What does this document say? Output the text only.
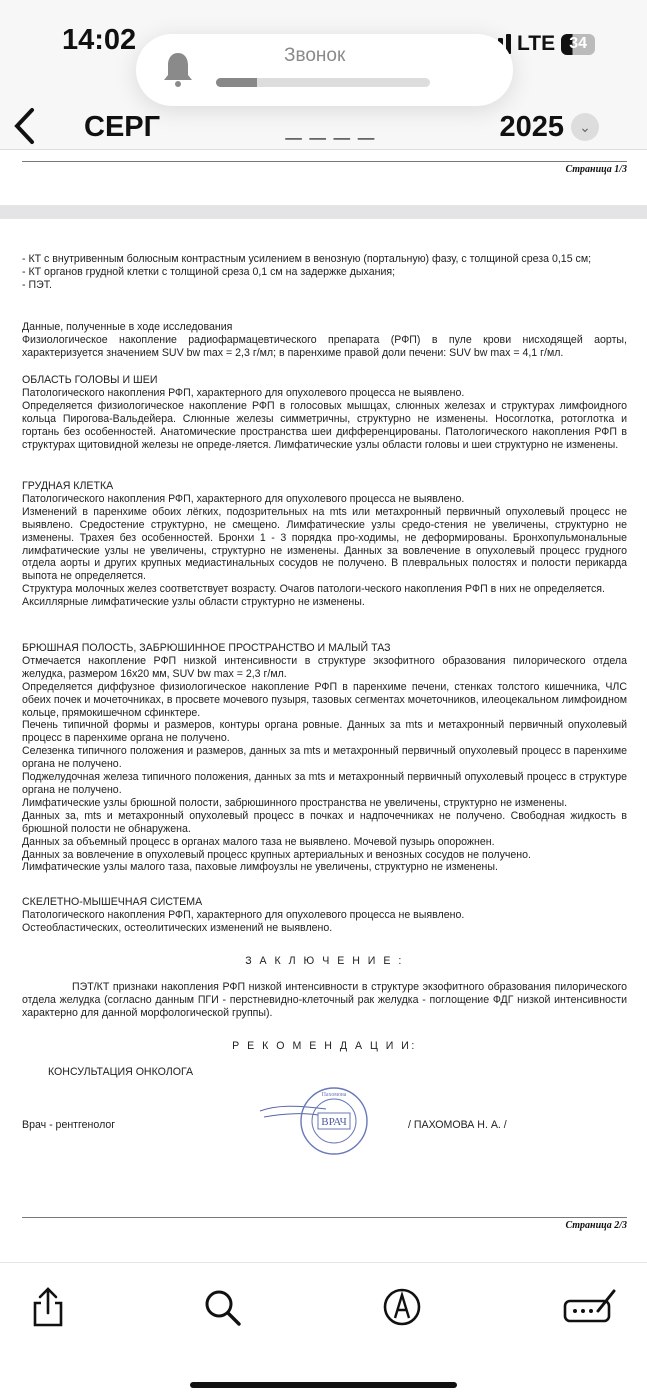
14:02	LTE 34
СЕРГ	_ _ _ _	2025 ⌄
Звонок
Страница 1/3

- КТ с внутривенным болюсным контрастным усилением в венозную (портальную) фазу, с толщиной среза 0,15 см;

- КТ органов грудной клетки с толщиной среза 0,1 см на задержке дыхания;

- ПЭТ.

Данные, полученные в ходе исследования

Физиологическое накопление радиофармацевтического препарата (РФП) в пуле крови нисходящей аорты, характеризуется значением SUV bw max = 2,3 г/мл; в паренхиме правой доли печени: SUV bw max = 4,1 г/мл.

ОБЛАСТЬ ГОЛОВЫ И ШЕИ

Патологического накопления РФП, характерного для опухолевого процесса не выявлено.

Определяется физиологическое накопление РФП в голосовых мышцах, слюнных железах и структурах лимфоидного кольца Пирогова-Вальдейера. Слюнные железы симметричны, структурно не изменены. Носоглотка, ротоглотка и гортань без особенностей. Анатомические пространства шеи дифференцированы. Патологического накопления РФП в структурах щитовидной железы не опреде-ляется. Лимфатические узлы области головы и шеи структурно не изменены.

ГРУДНАЯ КЛЕТКА

Патологического накопления РФП, характерного для опухолевого процесса не выявлено.

Изменений в паренхиме обоих лёгких, подозрительных на mts или метахронный первичный опухолевый процесс не выявлено. Средостение структурно, не смещено. Лимфатические узлы средо-стения не увеличены, структурно не изменены. Трахея без особенностей. Бронхи 1 - 3 порядка про-ходимы, не деформированы. Бронхопульмональные лимфатические узлы не увеличены, структурно не изменены. Данных за вовлечение в опухолевый процесс грудного отдела аорты и других крупных медиастинальных сосудов не получено. В плевральных полостях и полости перикарда выпота не определяется.

Структура молочных желез соответствует возрасту. Очагов патологи-ческого накопления РФП в них не определяется.

Аксиллярные лимфатические узлы области структурно не изменены.

БРЮШНАЯ ПОЛОСТЬ, ЗАБРЮШИННОЕ ПРОСТРАНСТВО И МАЛЫЙ ТАЗ

Отмечается накопление РФП низкой интенсивности в структуре экзофитного образования пилорического отдела желудка, размером 16х20 мм, SUV bw max = 2,3 г/мл.

Определяется диффузное физиологическое накопление РФП в паренхиме печени, стенках толстого кишечника, ЧЛС обеих почек и мочеточниках, в просвете мочевого пузыря, тазовых сегментах мочеточников, илеоцекальном лимфоидном кольце, прямокишечном сфинктере.

Печень типичной формы и размеров, контуры органа ровные. Данных за mts и метахронный первичный опухолевый процесс в паренхиме органа не получено.

Селезенка типичного положения и размеров, данных за mts и метахронный первичный опухолевый процесс в паренхиме органа не получено.

Поджелудочная железа типичного положения, данных за mts и метахронный первичный опухолевый процесс в структуре органа не получено.

Лимфатические узлы брюшной полости, забрюшинного пространства не увеличены, структурно не изменены.

Данных за, mts и метахронный опухолевый процесс в почках и надпочечниках не получено. Свободная жидкость в брюшной полости не обнаружена.

Данных за объемный процесс в органах малого таза не выявлено. Мочевой пузырь опорожнен.

Данных за вовлечение в опухолевый процесс крупных артериальных и венозных сосудов не получено.

Лимфатические узлы малого таза, паховые лимфоузлы не увеличены, структурно не изменены.

СКЕЛЕТНО-МЫШЕЧНАЯ СИСТЕМА

Патологического накопления РФП, характерного для опухолевого процесса не выявлено.

Остеобластических, остеолитических изменений не выявлено.

З А К Л Ю Ч Е Н И Е :
ПЭТ/КТ признаки накопления РФП низкой интенсивности в структуре экзофитного образования пилорического отдела желудка (согласно данным ПГИ - перстневидно-клеточный рак желудка - поглощение ФДГ низкой интенсивности характерно для данной морфологической группы).
Р Е К О М Е Н Д А Ц И И:
КОНСУЛЬТАЦИЯ ОНКОЛОГА
Врач - рентгенолог	/ ПАХОМОВА Н. А. /
ВРАЧ
Пахомова
Страница 2/3
